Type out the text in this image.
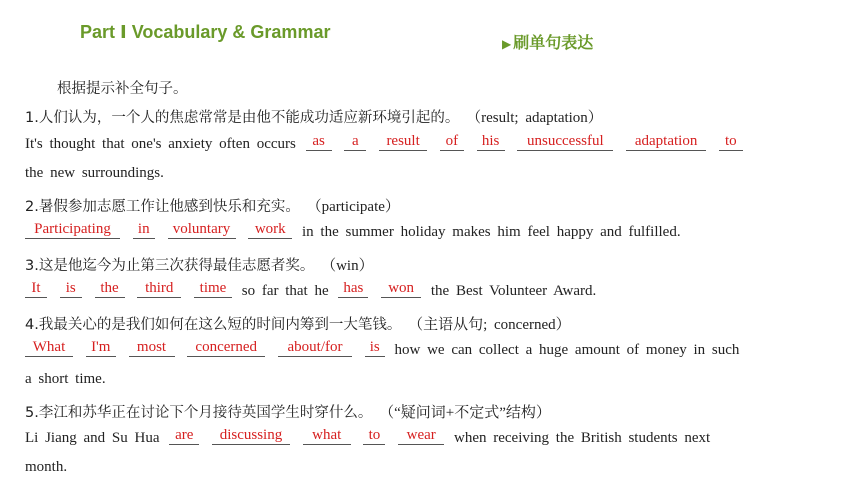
Part Ⅰ Vocabulary & Grammar
▶ 刷单句表达
根据提示补全句子。
1.人们认为，一个人的焦虑常常是由他不能成功适应新环境引起的。 （result; adaptation）
It's thought that one's anxiety often occurs as a result of his unsuccessful adaptation to
the new surroundings.
2.暑假参加志愿工作让他感到快乐和充实。 （participate）
Participating in voluntary work in the summer holiday makes him feel happy and fulfilled.
3.这是他迄今为止第三次获得最佳志愿者奖。 （win）
It is the third time so far that he has won the Best Volunteer Award.
4.我最关心的是我们如何在这么短的时间内筹到一大笔钱。 （主语从句; concerned）
What I'm most concerned about/for is how we can collect a huge amount of money in such
a short time.
5.李江和苏华正在讨论下个月接待英国学生时穿什么。 （“疑问词+不定式”结构）
Li Jiang and Su Hua are discussing what to wear when receiving the British students next
month.
